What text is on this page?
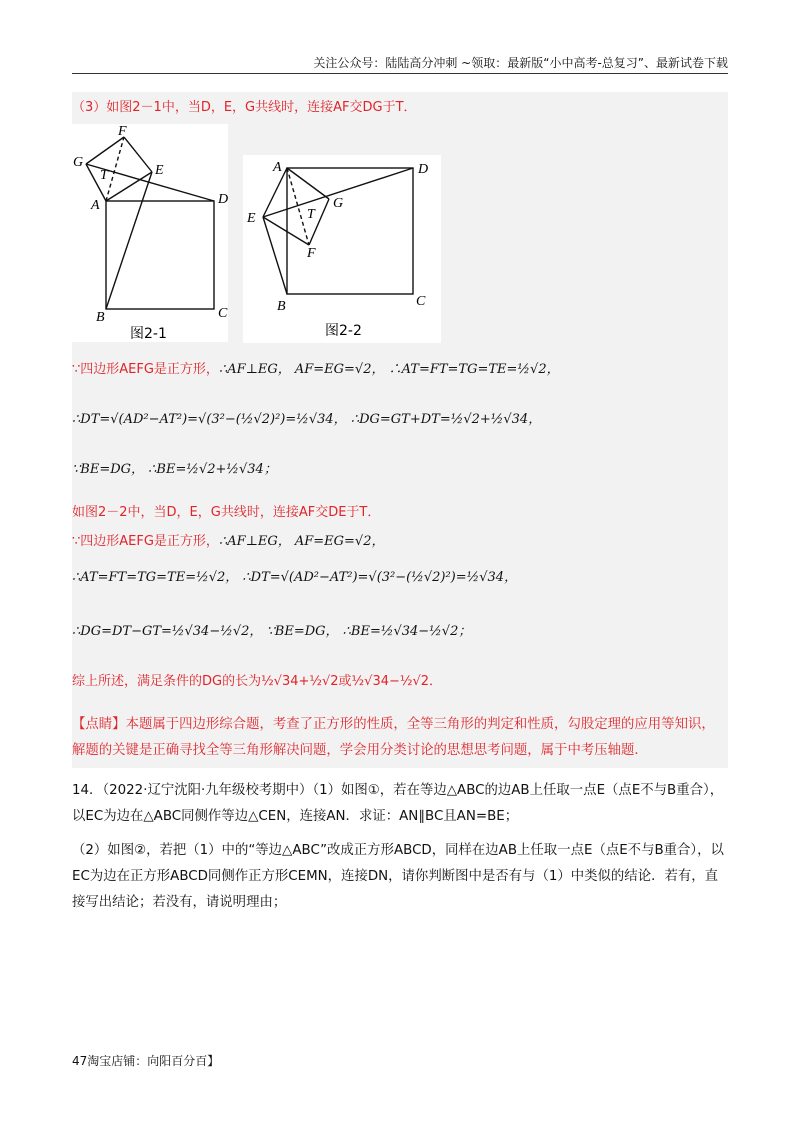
关注公众号：陆陆高分冲刺 ~领取：最新版“小中高考-总复习”、最新试卷下载
（3）如图2－1中，当D，E，G共线时，连接AF交DG于T．
F
G
T	E
A	D
B	C
图2-1
A	D
E
G
T
F
B	C
图2-2
∵四边形AEFG是正方形，∴AF⊥EG， AF=EG=√2， ∴AT=FT=TG=TE=½√2，
∴DT=√(AD²−AT²)=√(3²−(½√2)²)=½√34， ∴DG=GT+DT=½√2+½√34，
∵BE=DG， ∴BE=½√2+½√34；
如图2－2中，当D，E，G共线时，连接AF交DE于T．
∵四边形AEFG是正方形，∴AF⊥EG， AF=EG=√2，
∴AT=FT=TG=TE=½√2， ∴DT=√(AD²−AT²)=√(3²−(½√2)²)=½√34，
∴DG=DT−GT=½√34−½√2， ∵BE=DG， ∴BE=½√34−½√2；
综上所述，满足条件的DG的长为½√34+½√2或½√34−½√2．
【点睛】本题属于四边形综合题，考查了正方形的性质，全等三角形的判定和性质，勾股定理的应用等知识，解题的关键是正确寻找全等三角形解决问题，学会用分类讨论的思想思考问题，属于中考压轴题．
14．（2022·辽宁沈阳·九年级校考期中）（1）如图①，若在等边△ABC的边AB上任取一点E（点E不与B重合），以EC为边在△ABC同侧作等边△CEN，连接AN．求证：AN∥BC且AN=BE；
（2）如图②，若把（1）中的“等边△ABC”改成正方形ABCD，同样在边AB上任取一点E（点E不与B重合），以EC为边在正方形ABCD同侧作正方形CEMN，连接DN，请你判断图中是否有与（1）中类似的结论．若有，直接写出结论；若没有，请说明理由；
47淘宝店铺：向阳百分百】
